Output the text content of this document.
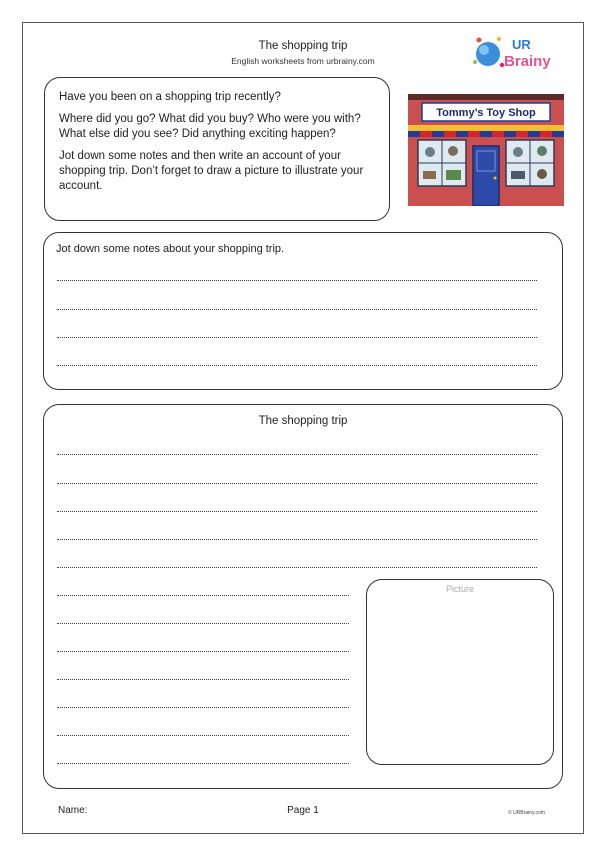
The shopping trip
English worksheets from urbrainy.com
UR
Brainy

Have you been on a shopping trip recently?

Where did you go? What did you buy? Who were you with? What else did you see? Did anything exciting happen?

Jot down some notes and then write an account of your shopping trip. Don’t forget to draw a picture to illustrate your account.

Tommy’s Toy Shop
Jot down some notes about your shopping trip.
The shopping trip
Picture
Name:	Page 1	© URBrainy.com
